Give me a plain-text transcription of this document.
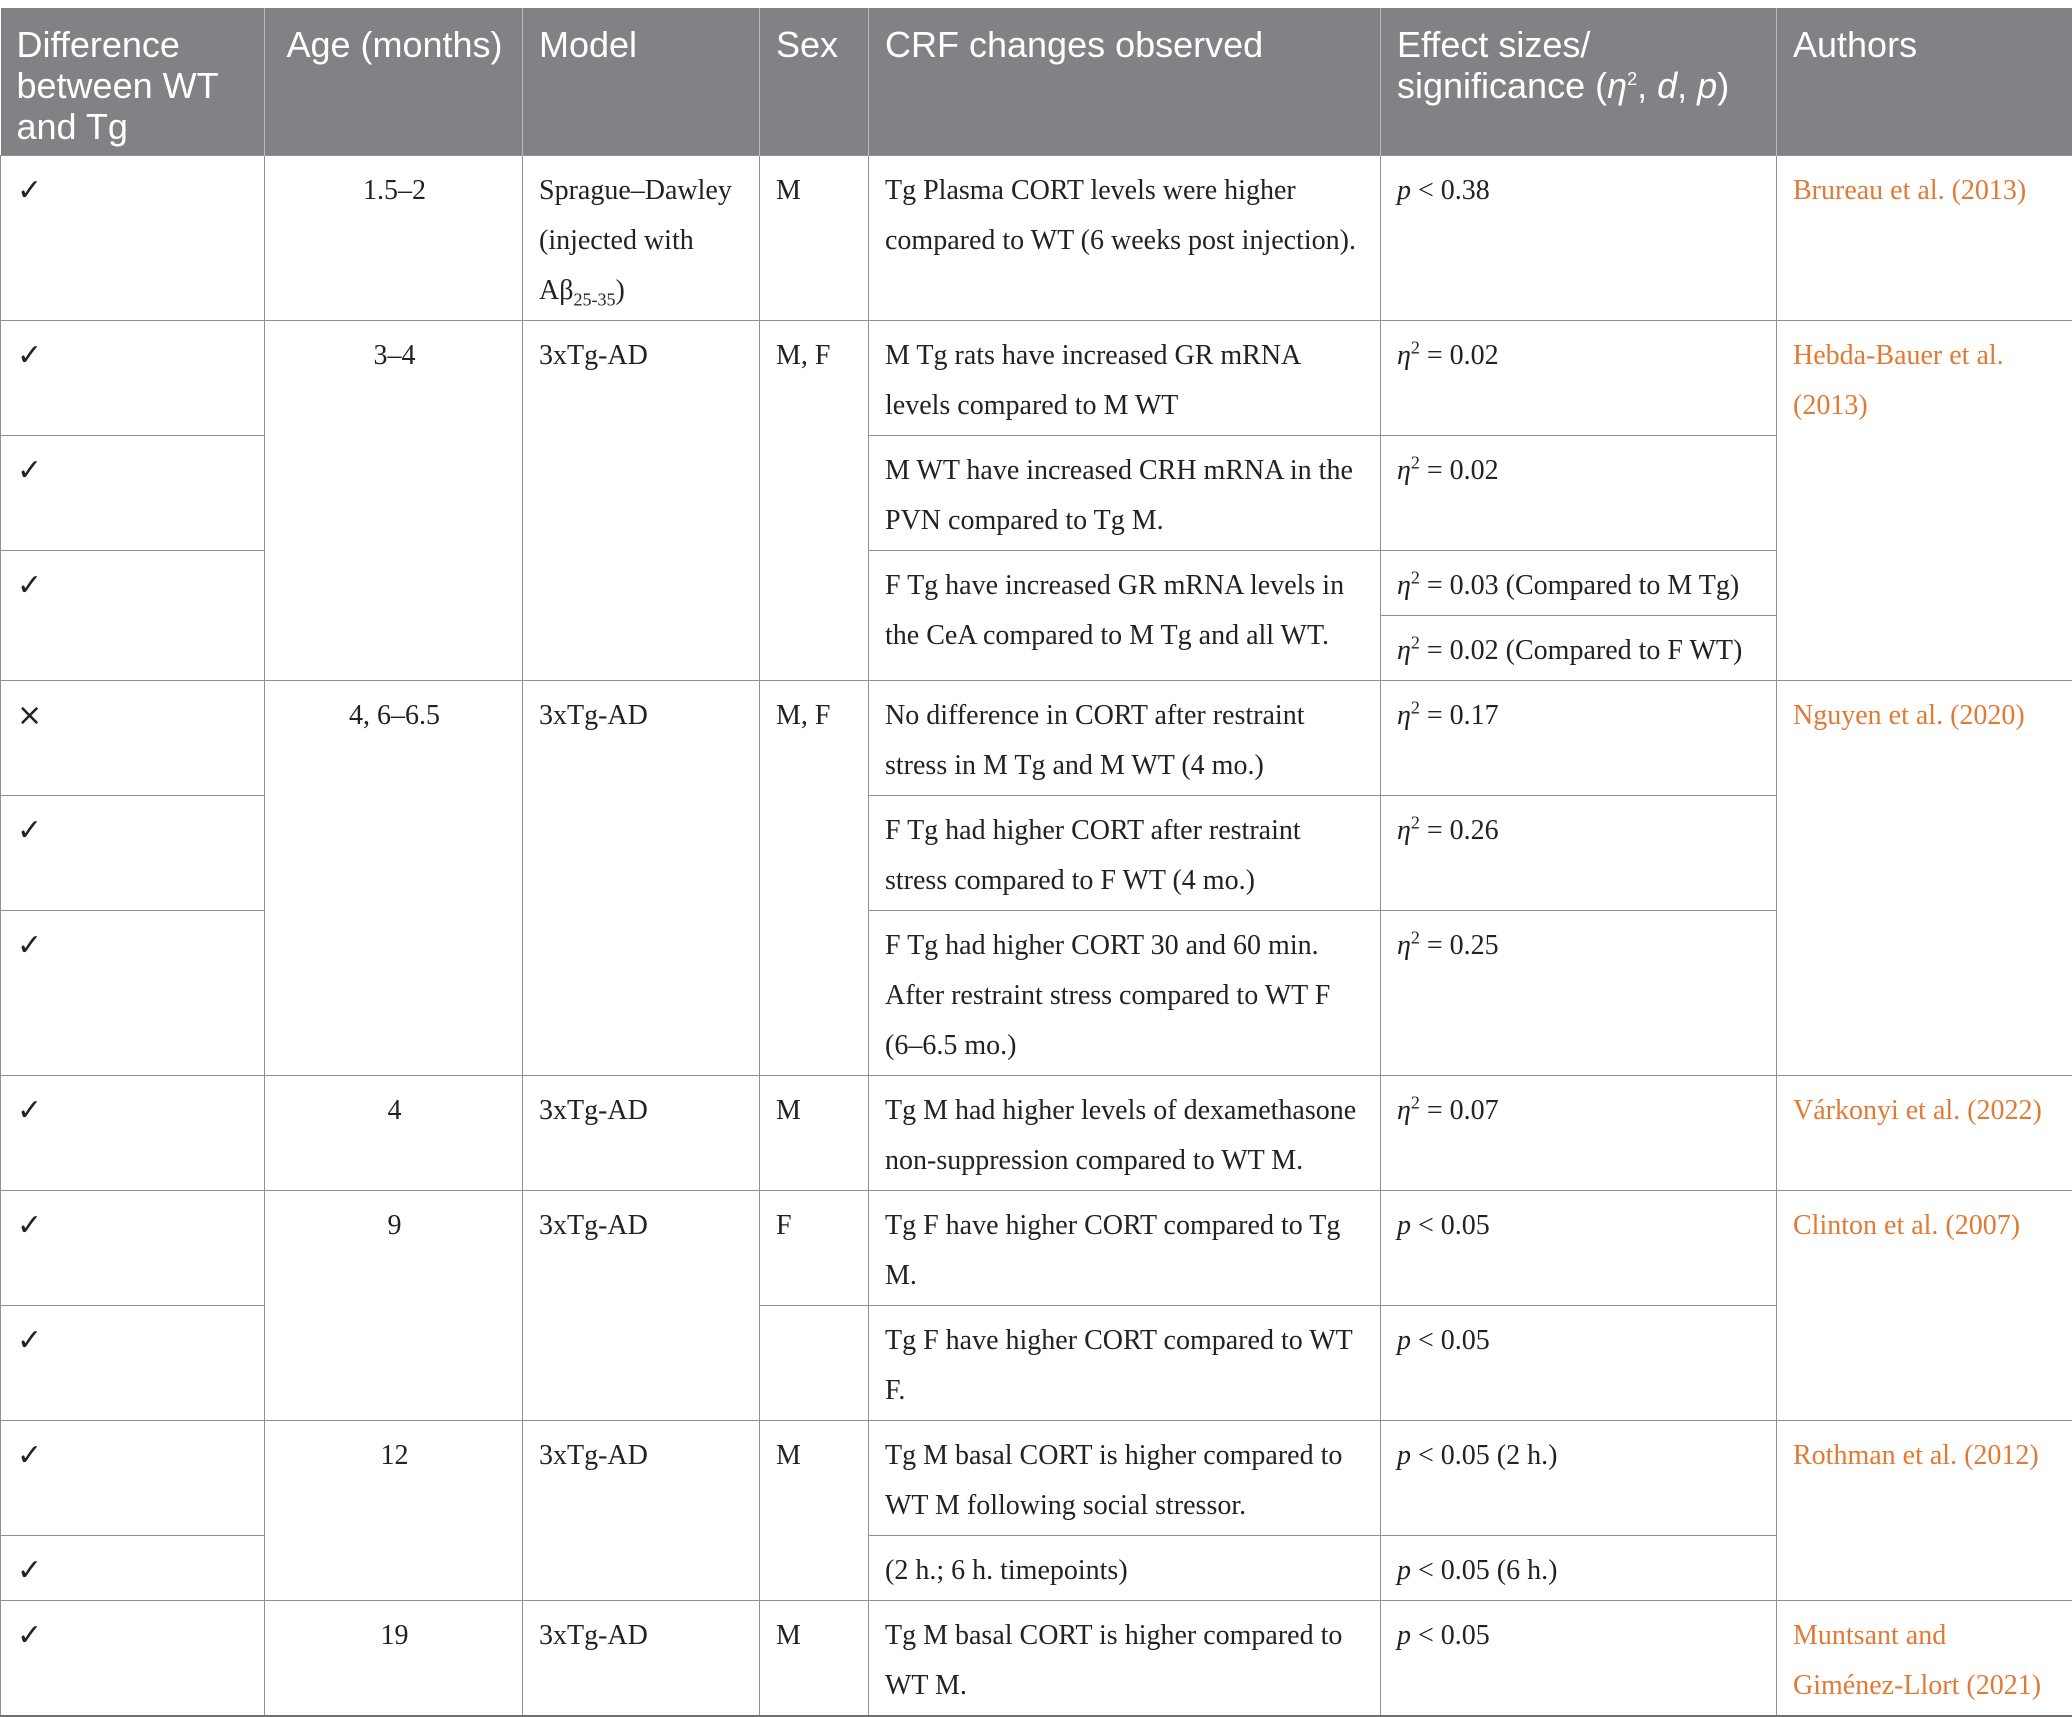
Difference between WT and Tg	Age (months)	Model	Sex	CRF changes observed	Effect sizes/ significance ($\eta^2$, d, p)	Authors
✓	1.5–2	Sprague–Dawley (injected with $A\beta_{25-35}$)	M	Tg Plasma CORT levels were higher compared to WT (6 weeks post injection).	p < 0.38	Brureau et al. (2013)
✓	3–4	3xTg-AD	M, F	M Tg rats have increased GR mRNA levels compared to M WT	$\eta^2 = 0.02$	Hebda-Bauer et al. (2013)
✓				M WT have increased CRH mRNA in the PVN compared to Tg M.	$\eta^2 = 0.02$	
✓				F Tg have increased GR mRNA levels in the CeA compared to M Tg and all WT.	$\eta^2 = 0.03$ (Compared to M Tg)	
					$\eta^2 = 0.02$ (Compared to F WT)	
×	4, 6–6.5	3xTg-AD	M, F	No difference in CORT after restraint stress in M Tg and M WT (4 mo.)	$\eta^2 = 0.17$	Nguyen et al. (2020)
✓				F Tg had higher CORT after restraint stress compared to F WT (4 mo.)	$\eta^2 = 0.26$	
✓				F Tg had higher CORT 30 and 60 min. After restraint stress compared to WT F (6–6.5 mo.)	$\eta^2 = 0.25$	
✓	4	3xTg-AD	M	Tg M had higher levels of dexamethasone non-suppression compared to WT M.	$\eta^2 = 0.07$	Várkonyi et al. (2022)
✓	9	3xTg-AD	F	Tg F have higher CORT compared to Tg M.	p < 0.05	Clinton et al. (2007)
✓				Tg F have higher CORT compared to WT F.	p < 0.05	
✓	12	3xTg-AD	M	Tg M basal CORT is higher compared to WT M following social stressor.	p < 0.05 (2 h.)	Rothman et al. (2012)
✓				(2 h.; 6 h. timepoints)	p < 0.05 (6 h.)	
✓	19	3xTg-AD	M	Tg M basal CORT is higher compared to WT M.	p < 0.05	Muntsant and Giménez-Llort (2021)
